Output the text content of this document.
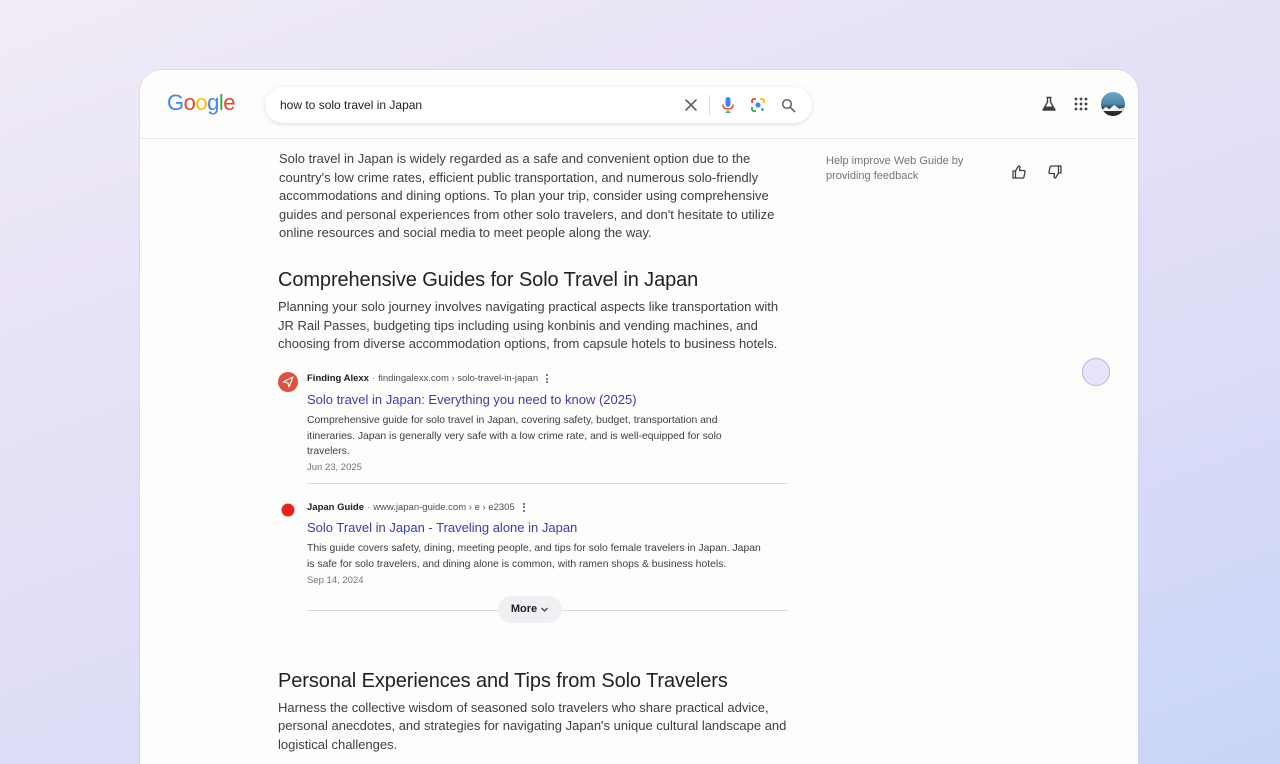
Google
how to solo travel in Japan

Solo travel in Japan is widely regarded as a safe and convenient option due to the country's low crime rates, efficient public transportation, and numerous solo-friendly accommodations and dining options. To plan your trip, consider using comprehensive guides and personal experiences from other solo travelers, and don't hesitate to utilize online resources and social media to meet people along the way.

Comprehensive Guides for Solo Travel in Japan

Planning your solo journey involves navigating practical aspects like transportation with JR Rail Passes, budgeting tips including using konbinis and vending machines, and choosing from diverse accommodation options, from capsule hotels to business hotels.

Finding Alexx · findingalexx.com › solo-travel-in-japan
Solo travel in Japan: Everything you need to know (2025)

Comprehensive guide for solo travel in Japan, covering safety, budget, transportation and itineraries. Japan is generally very safe with a low crime rate, and is well-equipped for solo travelers.

Jun 23, 2025

Japan Guide · www.japan-guide.com › e › e2305
Solo Travel in Japan - Traveling alone in Japan

This guide covers safety, dining, meeting people, and tips for solo female travelers in Japan. Japan is safe for solo travelers, and dining alone is common, with ramen shops & business hotels.

Sep 14, 2024

More
Personal Experiences and Tips from Solo Travelers

Harness the collective wisdom of seasoned solo travelers who share practical advice, personal anecdotes, and strategies for navigating Japan's unique cultural landscape and logistical challenges.

Help improve Web Guide by providing feedback
